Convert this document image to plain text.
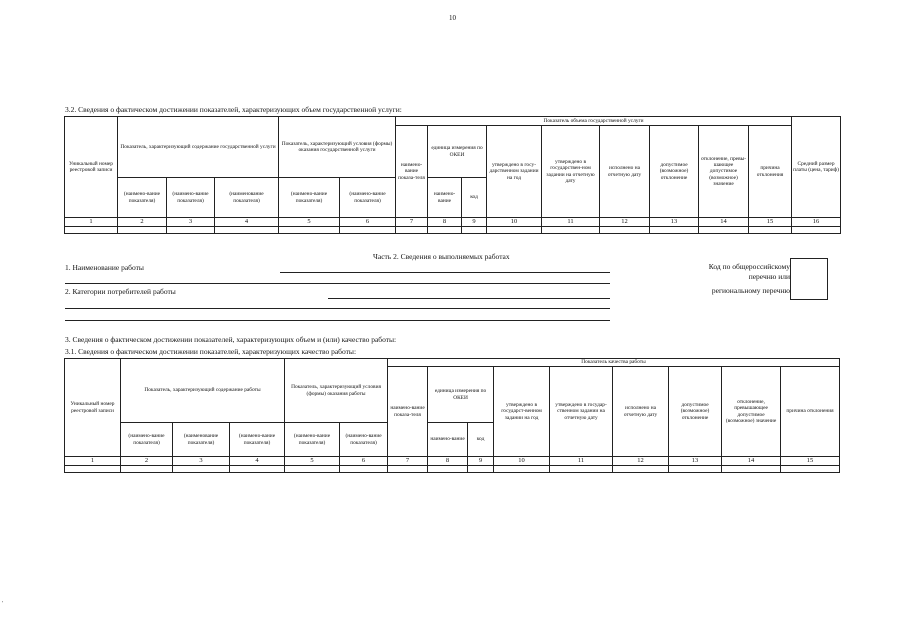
10
3.2. Сведения о фактическом достижении показателей, характеризующих объем государственной услуги:
Уникальный номер реестровой записи	Показатель, характеризующий содержание государственной услуги			Показатель, характеризующий условия (формы) оказания государственной услуги		Показатель объема государственной услуги									Средний размер платы (цена, тариф)
						наимено-вание показа-теля	единица измерения по ОКЕИ		утверждено в госу-дарственном задании на год	утверждено в государствен-ном задании на отчетную дату	исполнено на отчетную дату	допустимое (возможное) отклонение	отклонение, превы-шающее допустимое (возможное) значение	причина отклонения	
	(наимено-вание показателя)	(наимено-вание показателя)	(наименование показателя)	(наимено-вание показателя)	(наимено-вание показателя)		наимено-вание	код							
1	2	3	4	5	6	7	8	9	10	11	12	13	14	15	16

Часть 2. Сведения о выполняемых работах
1. Наименование работы
2. Категории потребителей работы
Код по общероссийскому
перечню или
региональному перечню
3. Сведения о фактическом достижении показателей, характеризующих объем и (или) качество работы:
3.1. Сведения о фактическом достижении показателей, характеризующих качество работы:
Уникальный номер реестровой записи	Показатель, характеризующий содержание работы			Показатель, характеризующий условия (формы) оказания работы		Показатель качества работы								
						наимено-вание показа-теля	единица измерения по ОКЕИ		утверждено в государст-венном задании на год	утверждено в государ-ственном задании на отчетную дату	исполнено на отчетную дату	допустимое (возможное) отклонение	отклонение, превышающее допустимое (возможное) значение	причина отклонения
	(наимено-вание показателя)	(наименование показателя)	(наимено-вание показателя)	(наимено-вание показателя)	(наимено-вание показателя)		наимено-вание	код						
1	2	3	4	5	6	7	8	9	10	11	12	13	14	15

'
